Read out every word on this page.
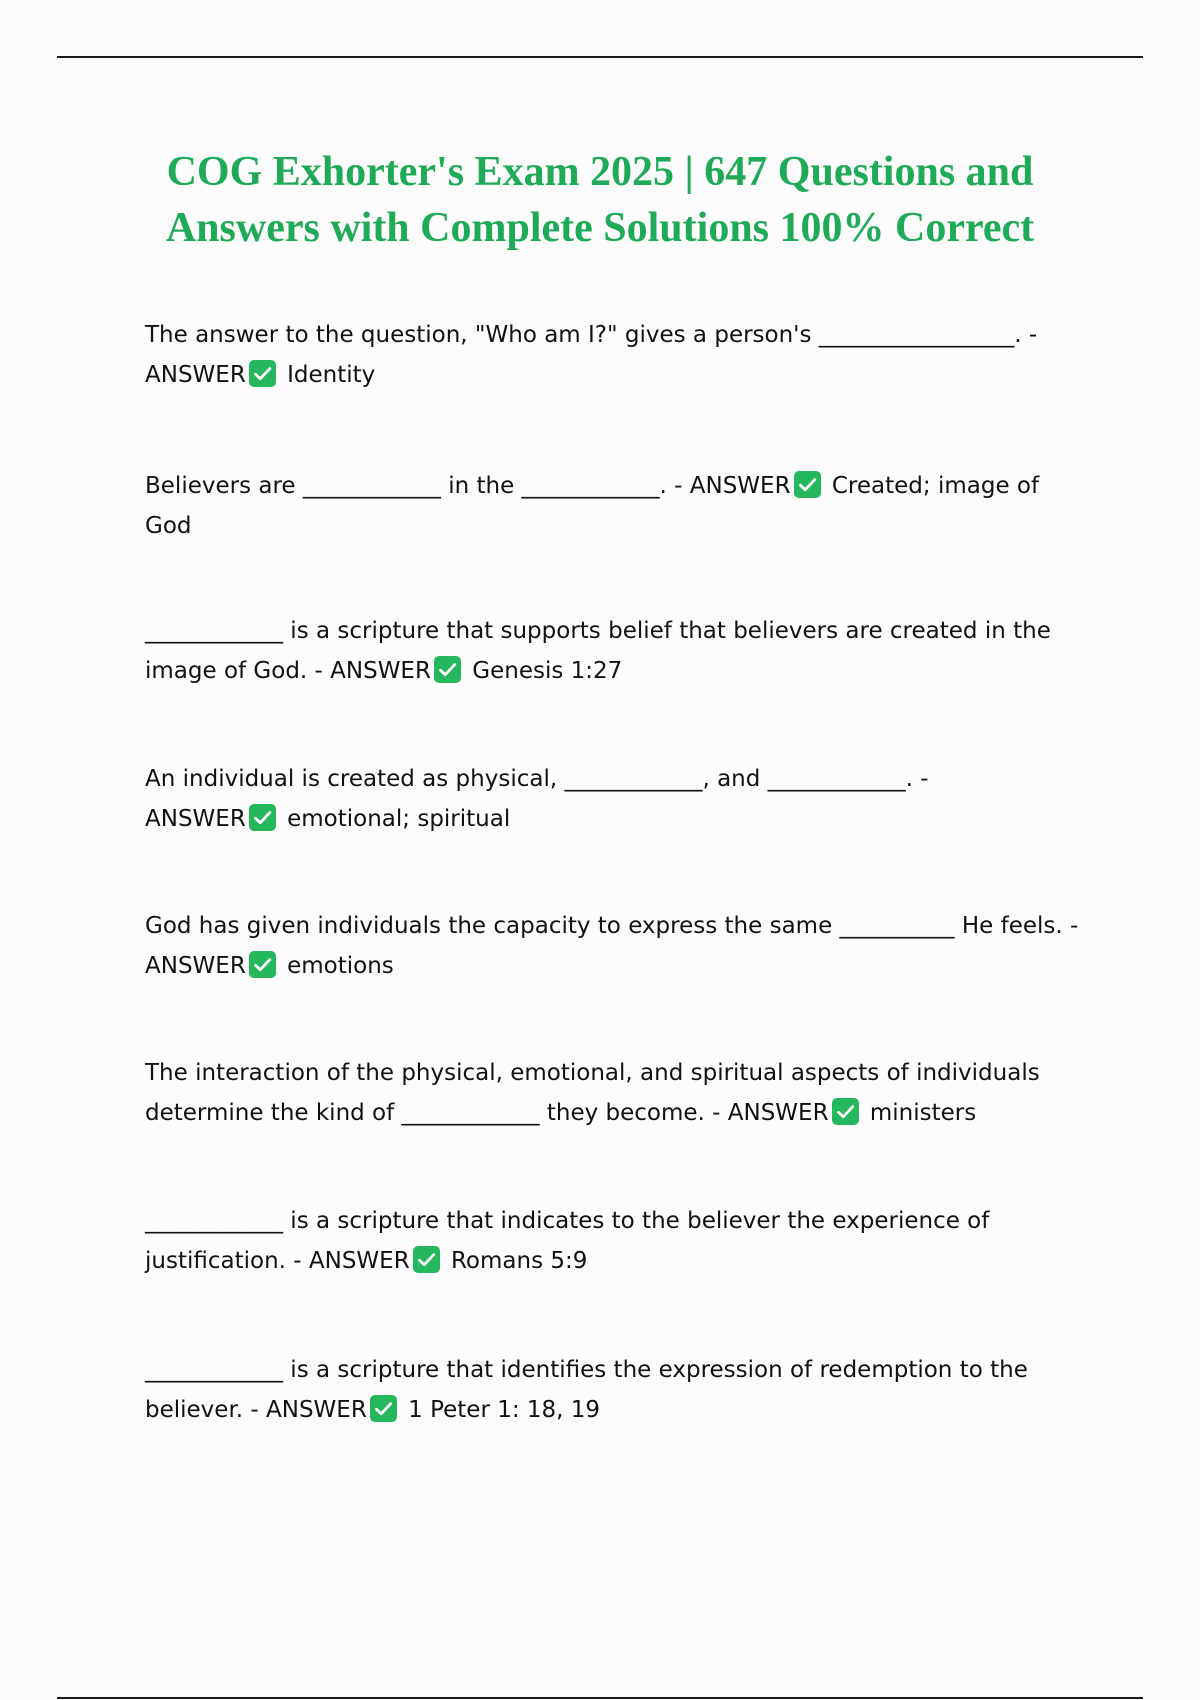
COG Exhorter's Exam 2025 | 647 Questions and
Answers with Complete Solutions 100% Correct

The answer to the question, "Who am I?" gives a person's _________________. -
ANSWER Identity

Believers are ____________ in the ____________. - ANSWER Created; image of
God

____________ is a scripture that supports belief that believers are created in the
image of God. - ANSWER Genesis 1:27

An individual is created as physical, ____________, and ____________. -
ANSWER emotional; spiritual

God has given individuals the capacity to express the same __________ He feels. -
ANSWER emotions

The interaction of the physical, emotional, and spiritual aspects of individuals
determine the kind of ____________ they become. - ANSWER ministers

____________ is a scripture that indicates to the believer the experience of
justification. - ANSWER Romans 5:9

____________ is a scripture that identifies the expression of redemption to the
believer. - ANSWER 1 Peter 1: 18, 19
